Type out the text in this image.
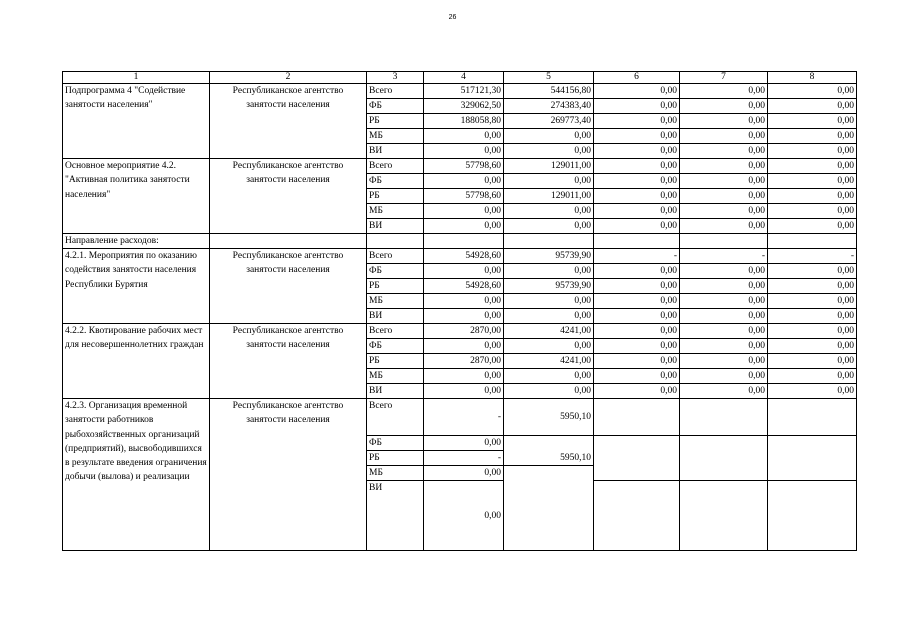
26
1	2	3	4	5	6	7	8
Подпрограмма 4 "Содействие занятости населения"	Республиканское агентство занятости населения	Всего	517121,30	544156,80	0,00	0,00	0,00
		ФБ	329062,50	274383,40	0,00	0,00	0,00
		РБ	188058,80	269773,40	0,00	0,00	0,00
		МБ	0,00	0,00	0,00	0,00	0,00
		ВИ	0,00	0,00	0,00	0,00	0,00
Основное мероприятие 4.2. "Активная политика занятости населения"	Республиканское агентство занятости населения	Всего	57798,60	129011,00	0,00	0,00	0,00
		ФБ	0,00	0,00	0,00	0,00	0,00
		РБ	57798,60	129011,00	0,00	0,00	0,00
		МБ	0,00	0,00	0,00	0,00	0,00
		ВИ	0,00	0,00	0,00	0,00	0,00
Направление расходов:							
4.2.1. Мероприятия по оказанию содействия занятости населения Республики Бурятия	Республиканское агентство занятости населения	Всего	54928,60	95739,90	-	-	-
		ФБ	0,00	0,00	0,00	0,00	0,00
		РБ	54928,60	95739,90	0,00	0,00	0,00
		МБ	0,00	0,00	0,00	0,00	0,00
		ВИ	0,00	0,00	0,00	0,00	0,00
4.2.2. Квотирование рабочих мест для несовершеннолетних граждан	Республиканское агентство занятости населения	Всего	2870,00	4241,00	0,00	0,00	0,00
		ФБ	0,00	0,00	0,00	0,00	0,00
		РБ	2870,00	4241,00	0,00	0,00	0,00
		МБ	0,00	0,00	0,00	0,00	0,00
		ВИ	0,00	0,00	0,00	0,00	0,00
4.2.3. Организация временной занятости работников рыбохозяйственных организаций (предприятий), высвободившихся в результате введения ограничения добычи (вылова) и реализации	Республиканское агентство занятости населения	Всего	-	5950,10			
		ФБ	0,00	5950,10			
		РБ	-				
		МБ	0,00				
		ВИ	0,00				
